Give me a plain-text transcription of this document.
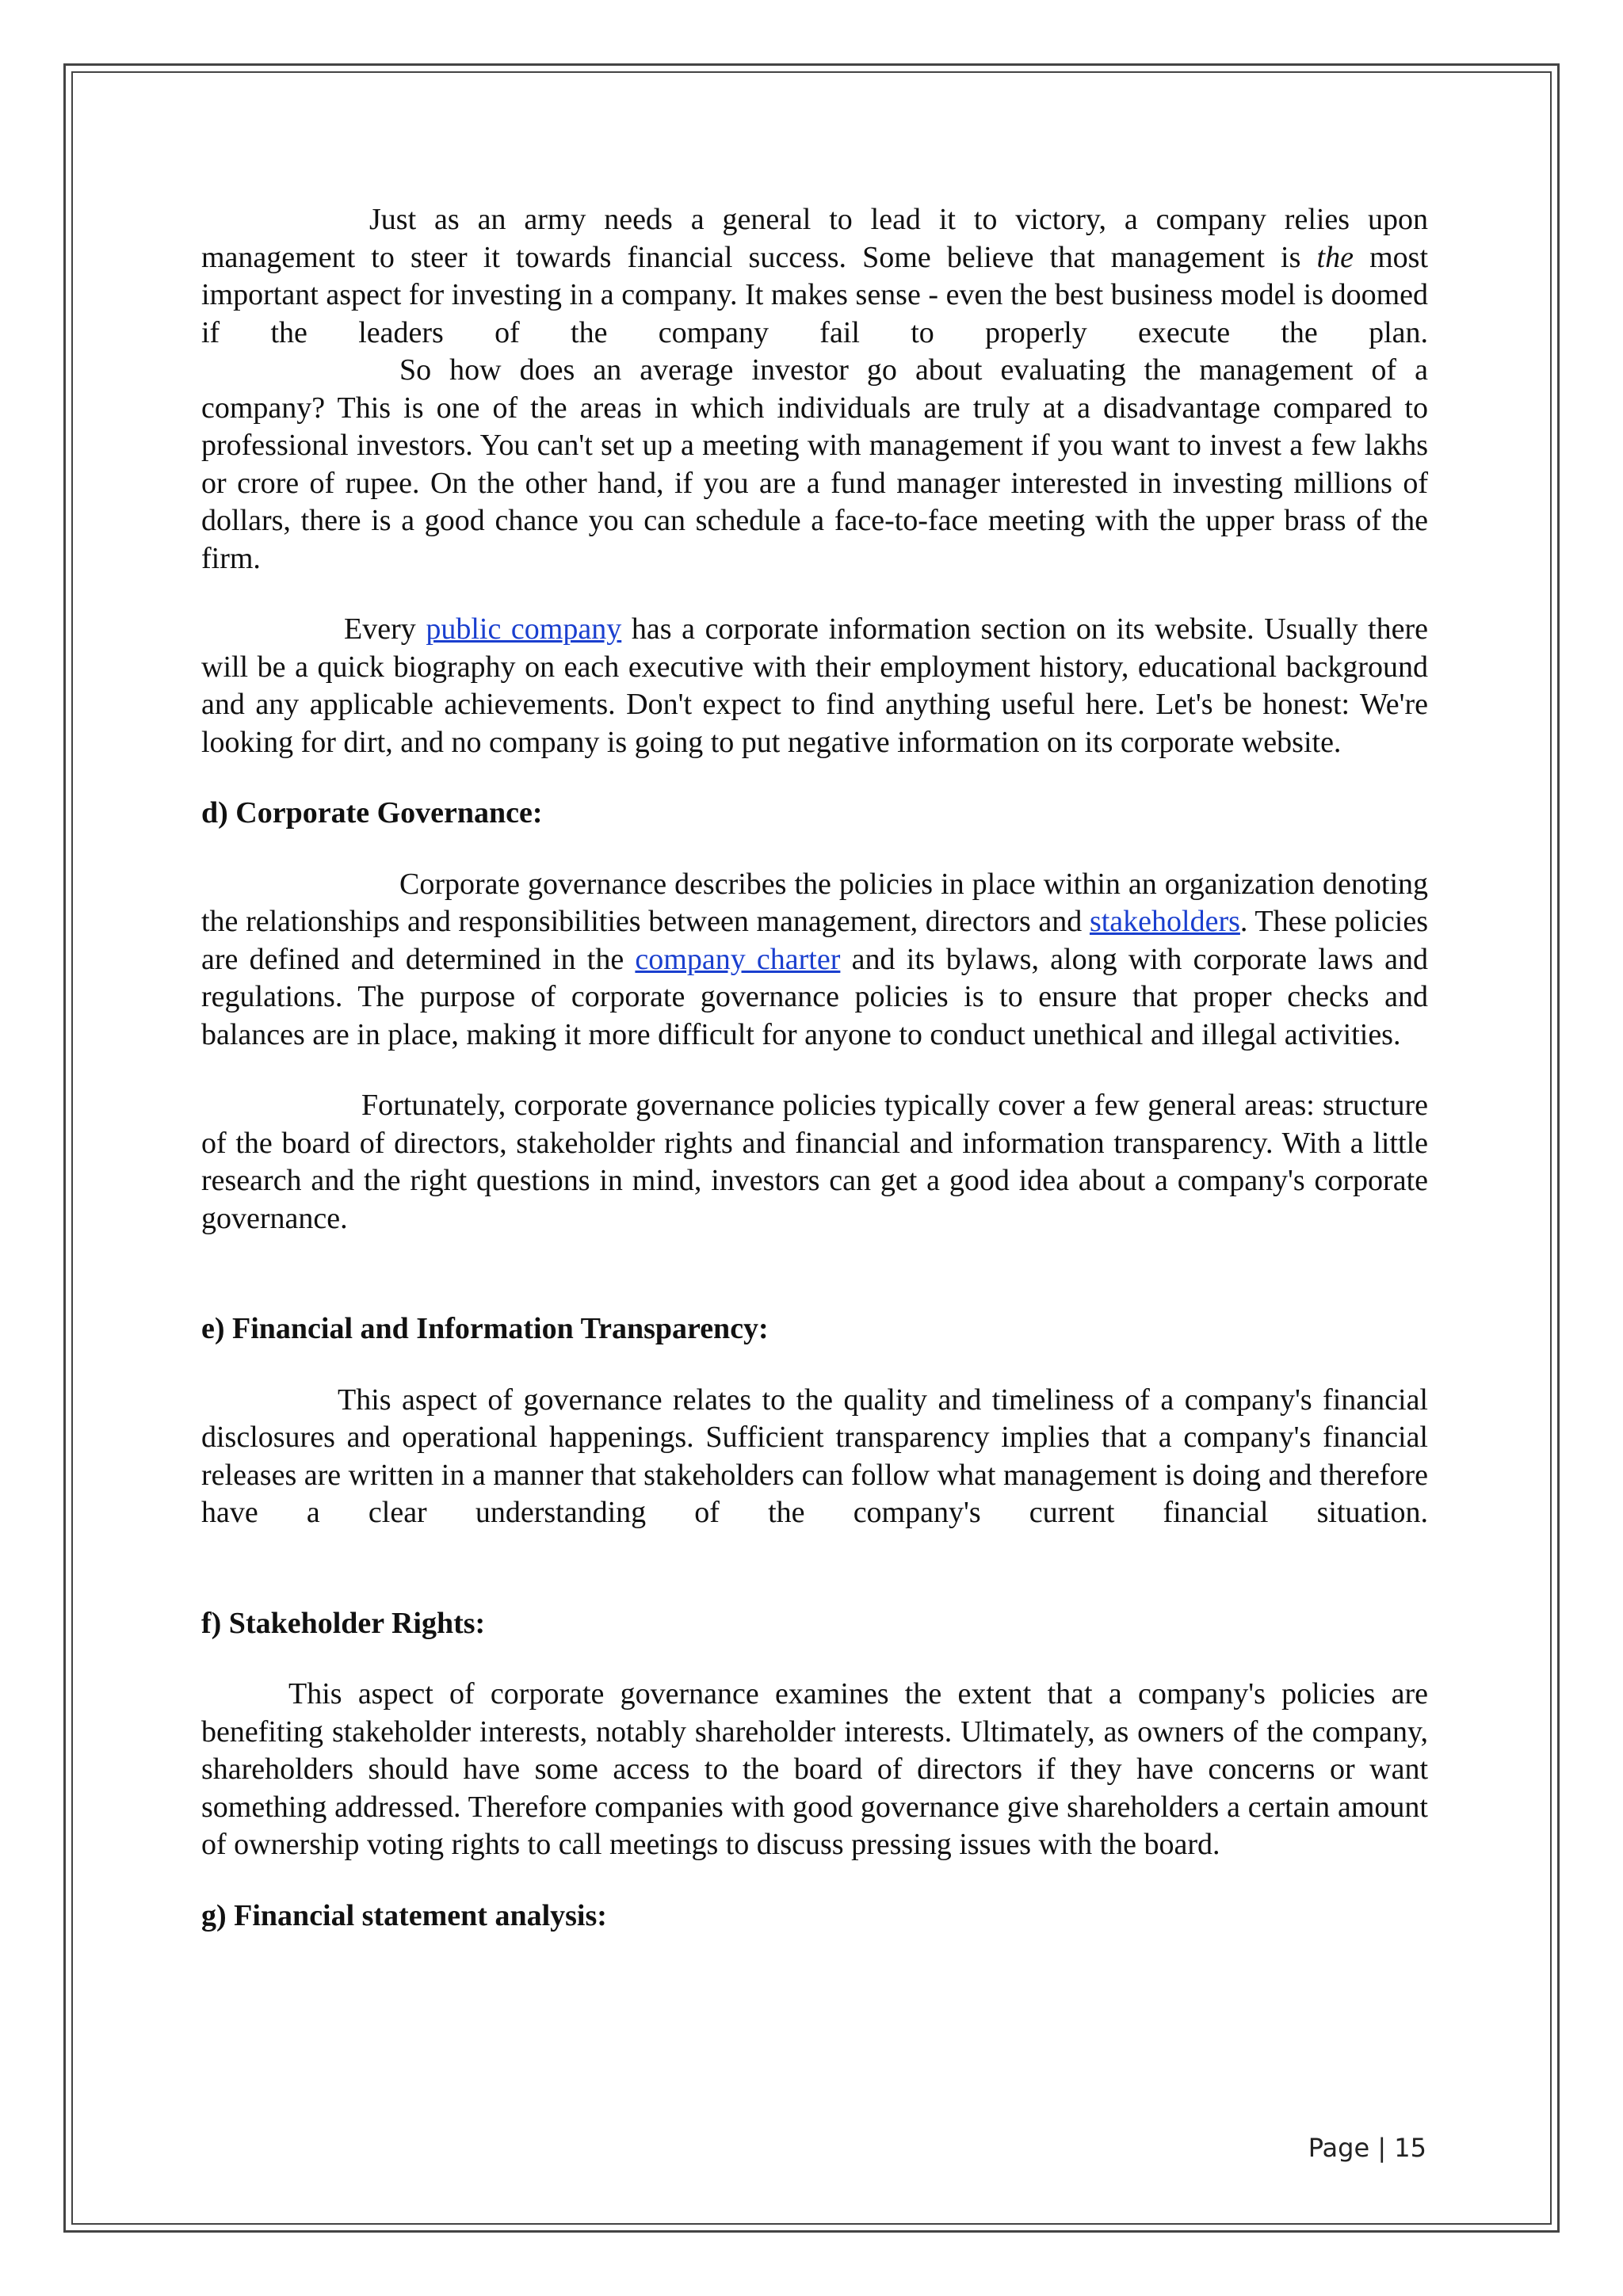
Just as an army needs a general to lead it to victory, a company relies upon management to steer it towards financial success. Some believe that management is the most important aspect for investing in a company. It makes sense - even the best business model is doomed if the leaders of the company fail to properly execute the plan.

So how does an average investor go about evaluating the management of a company? This is one of the areas in which individuals are truly at a disadvantage compared to professional investors. You can't set up a meeting with management if you want to invest a few lakhs or crore of rupee. On the other hand, if you are a fund manager interested in investing millions of dollars, there is a good chance you can schedule a face-to-face meeting with the upper brass of the firm.

Every public company has a corporate information section on its website. Usually there will be a quick biography on each executive with their employment history, educational background and any applicable achievements. Don't expect to find anything useful here. Let's be honest: We're looking for dirt, and no company is going to put negative information on its corporate website.

d) Corporate Governance:

Corporate governance describes the policies in place within an organization denoting the relationships and responsibilities between management, directors and stakeholders. These policies are defined and determined in the company charter and its bylaws, along with corporate laws and regulations. The purpose of corporate governance policies is to ensure that proper checks and balances are in place, making it more difficult for anyone to conduct unethical and illegal activities.

Fortunately, corporate governance policies typically cover a few general areas: structure of the board of directors, stakeholder rights and financial and information transparency. With a little research and the right questions in mind, investors can get a good idea about a company's corporate governance.

e) Financial and Information Transparency:

This aspect of governance relates to the quality and timeliness of a company's financial disclosures and operational happenings. Sufficient transparency implies that a company's financial releases are written in a manner that stakeholders can follow what management is doing and therefore have a clear understanding of the company's current financial situation.

f) Stakeholder Rights:

This aspect of corporate governance examines the extent that a company's policies are benefiting stakeholder interests, notably shareholder interests. Ultimately, as owners of the company, shareholders should have some access to the board of directors if they have concerns or want something addressed. Therefore companies with good governance give shareholders a certain amount of ownership voting rights to call meetings to discuss pressing issues with the board.

g) Financial statement analysis:

Page | 15
